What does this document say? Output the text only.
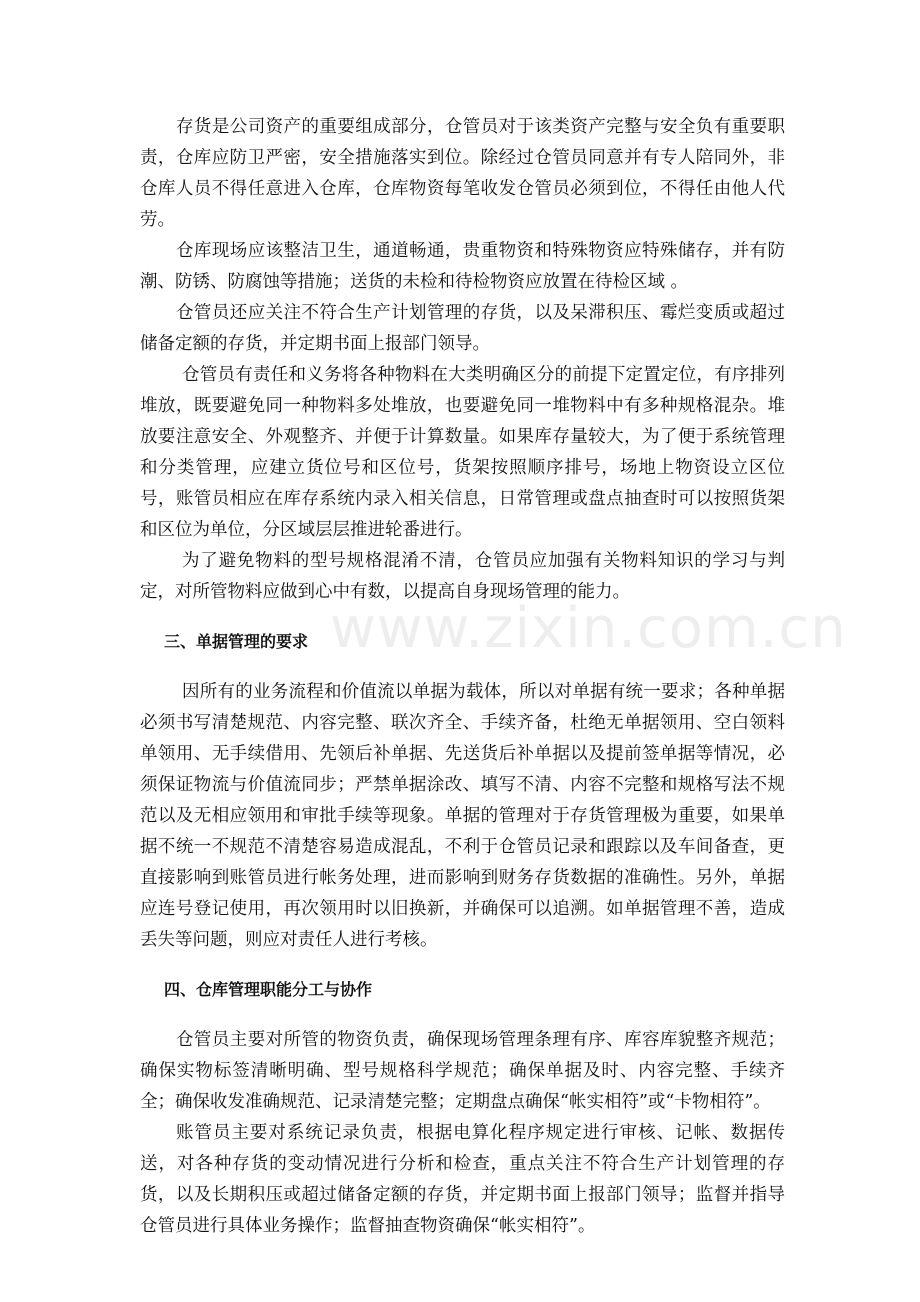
www.zixin.com.cn

存货是公司资产的重要组成部分，仓管员对于该类资产完整与安全负有重要职责，仓库应防卫严密，安全措施落实到位。除经过仓管员同意并有专人陪同外，非仓库人员不得任意进入仓库，仓库物资每笔收发仓管员必须到位，不得任由他人代劳。

仓库现场应该整洁卫生，通道畅通，贵重物资和特殊物资应特殊储存，并有防潮、防锈、防腐蚀等措施；送货的未检和待检物资应放置在待检区域 。

仓管员还应关注不符合生产计划管理的存货，以及呆滞积压、霉烂变质或超过储备定额的存货，并定期书面上报部门领导。

仓管员有责任和义务将各种物料在大类明确区分的前提下定置定位，有序排列堆放，既要避免同一种物料多处堆放，也要避免同一堆物料中有多种规格混杂。堆放要注意安全、外观整齐、并便于计算数量。如果库存量较大，为了便于系统管理和分类管理，应建立货位号和区位号，货架按照顺序排号，场地上物资设立区位号，账管员相应在库存系统内录入相关信息，日常管理或盘点抽查时可以按照货架和区位为单位，分区域层层推进轮番进行。

为了避免物料的型号规格混淆不清，仓管员应加强有关物料知识的学习与判定，对所管物料应做到心中有数，以提高自身现场管理的能力。

三、单据管理的要求

因所有的业务流程和价值流以单据为载体，所以对单据有统一要求；各种单据必须书写清楚规范、内容完整、联次齐全、手续齐备，杜绝无单据领用、空白领料单领用、无手续借用、先领后补单据、先送货后补单据以及提前签单据等情况，必须保证物流与价值流同步；严禁单据涂改、填写不清、内容不完整和规格写法不规范以及无相应领用和审批手续等现象。单据的管理对于存货管理极为重要，如果单据不统一不规范不清楚容易造成混乱，不利于仓管员记录和跟踪以及车间备查，更直接影响到账管员进行帐务处理，进而影响到财务存货数据的准确性。另外，单据应连号登记使用，再次领用时以旧换新，并确保可以追溯。如单据管理不善，造成丢失等问题，则应对责任人进行考核。

四、仓库管理职能分工与协作

仓管员主要对所管的物资负责，确保现场管理条理有序、库容库貌整齐规范；确保实物标签清晰明确、型号规格科学规范；确保单据及时、内容完整、手续齐全；确保收发准确规范、记录清楚完整；定期盘点确保“帐实相符”或“卡物相符”。

账管员主要对系统记录负责，根据电算化程序规定进行审核、记帐、数据传送，对各种存货的变动情况进行分析和检查，重点关注不符合生产计划管理的存货，以及长期积压或超过储备定额的存货，并定期书面上报部门领导；监督并指导仓管员进行具体业务操作；监督抽查物资确保“帐实相符”。
